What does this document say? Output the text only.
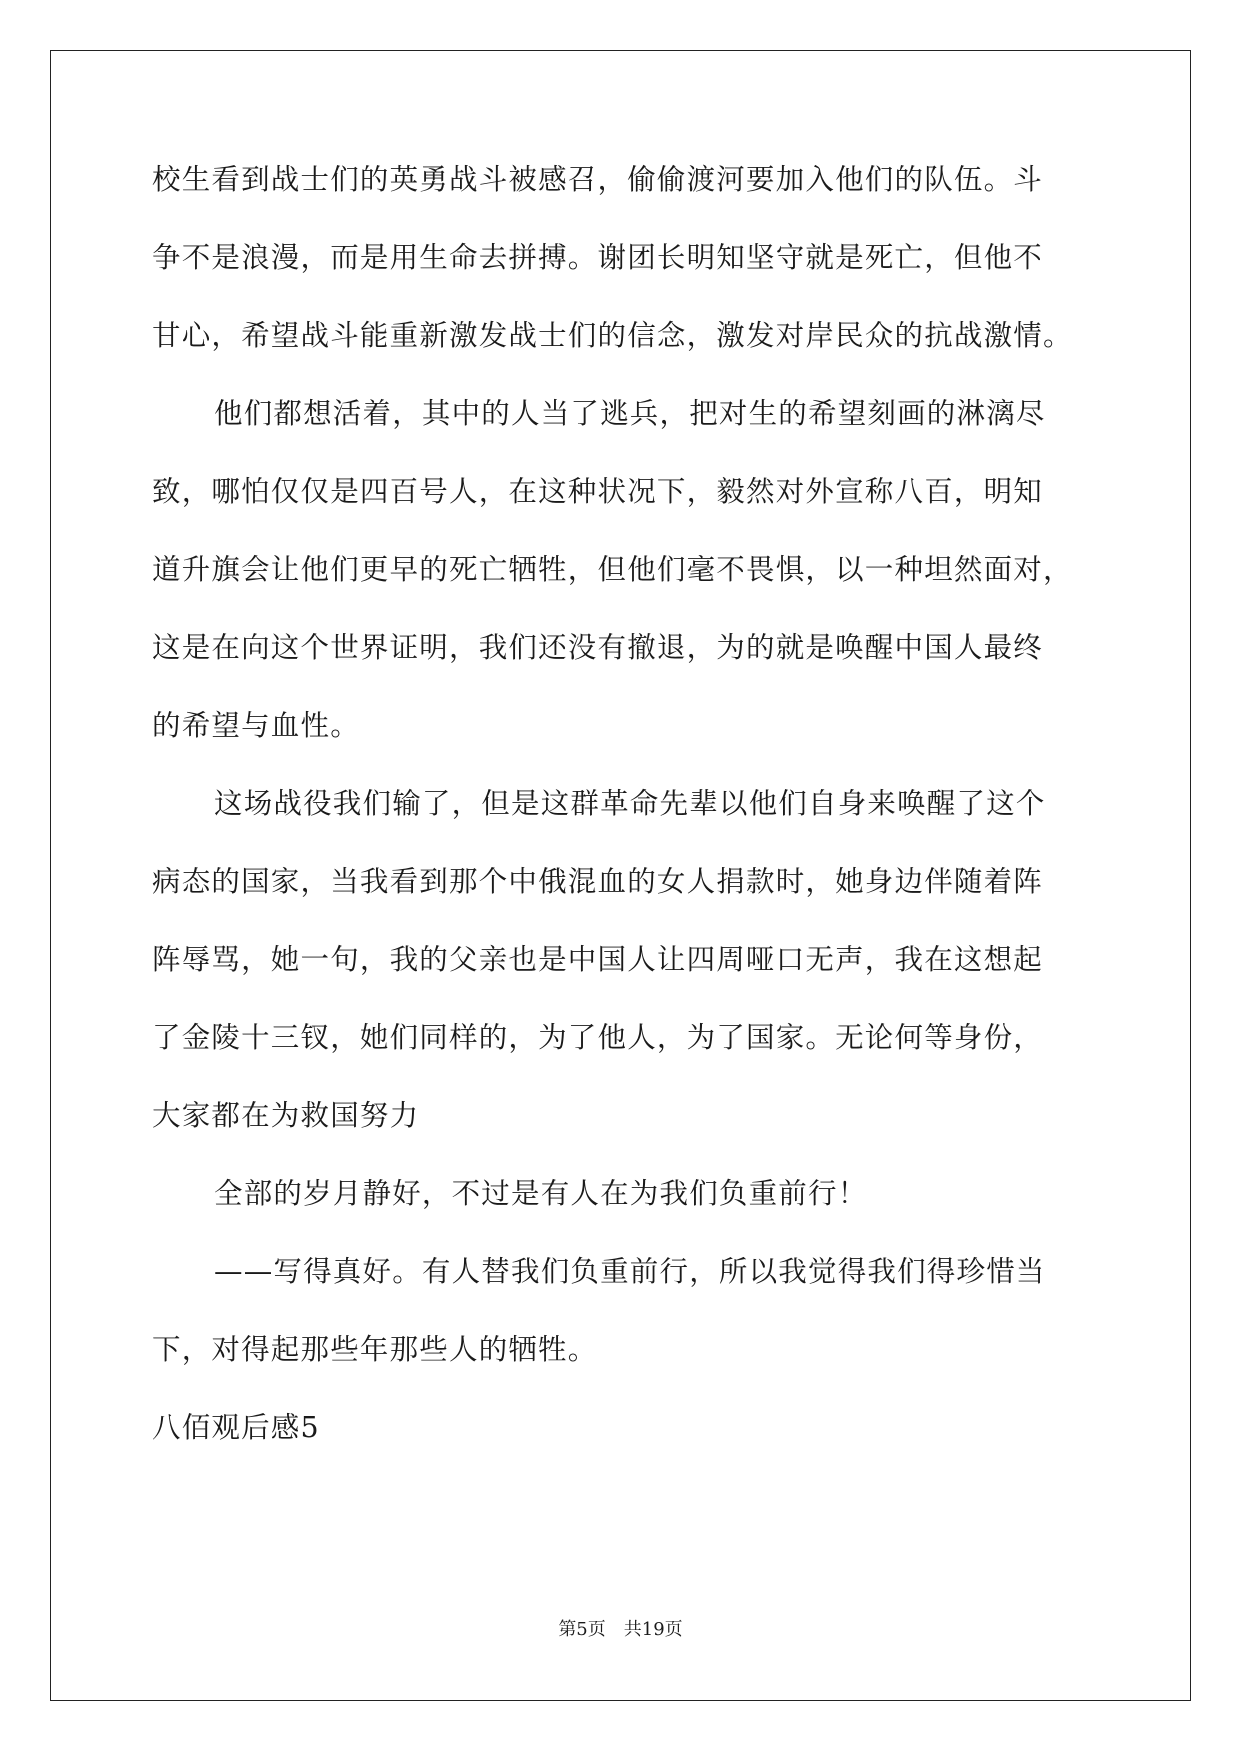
校生看到战士们的英勇战斗被感召，偷偷渡河要加入他们的队伍。斗
争不是浪漫，而是用生命去拼搏。谢团长明知坚守就是死亡，但他不
甘心，希望战斗能重新激发战士们的信念，激发对岸民众的抗战激情。
他们都想活着，其中的人当了逃兵，把对生的希望刻画的淋漓尽
致，哪怕仅仅是四百号人，在这种状况下，毅然对外宣称八百，明知
道升旗会让他们更早的死亡牺牲，但他们毫不畏惧，以一种坦然面对，
这是在向这个世界证明，我们还没有撤退，为的就是唤醒中国人最终
的希望与血性。
这场战役我们输了，但是这群革命先辈以他们自身来唤醒了这个
病态的国家，当我看到那个中俄混血的女人捐款时，她身边伴随着阵
阵辱骂，她一句，我的父亲也是中国人让四周哑口无声，我在这想起
了金陵十三钗，她们同样的，为了他人，为了国家。无论何等身份，
大家都在为救国努力
全部的岁月静好，不过是有人在为我们负重前行！
——写得真好。有人替我们负重前行，所以我觉得我们得珍惜当
下，对得起那些年那些人的牺牲。
八佰观后感5
第5页　共19页
